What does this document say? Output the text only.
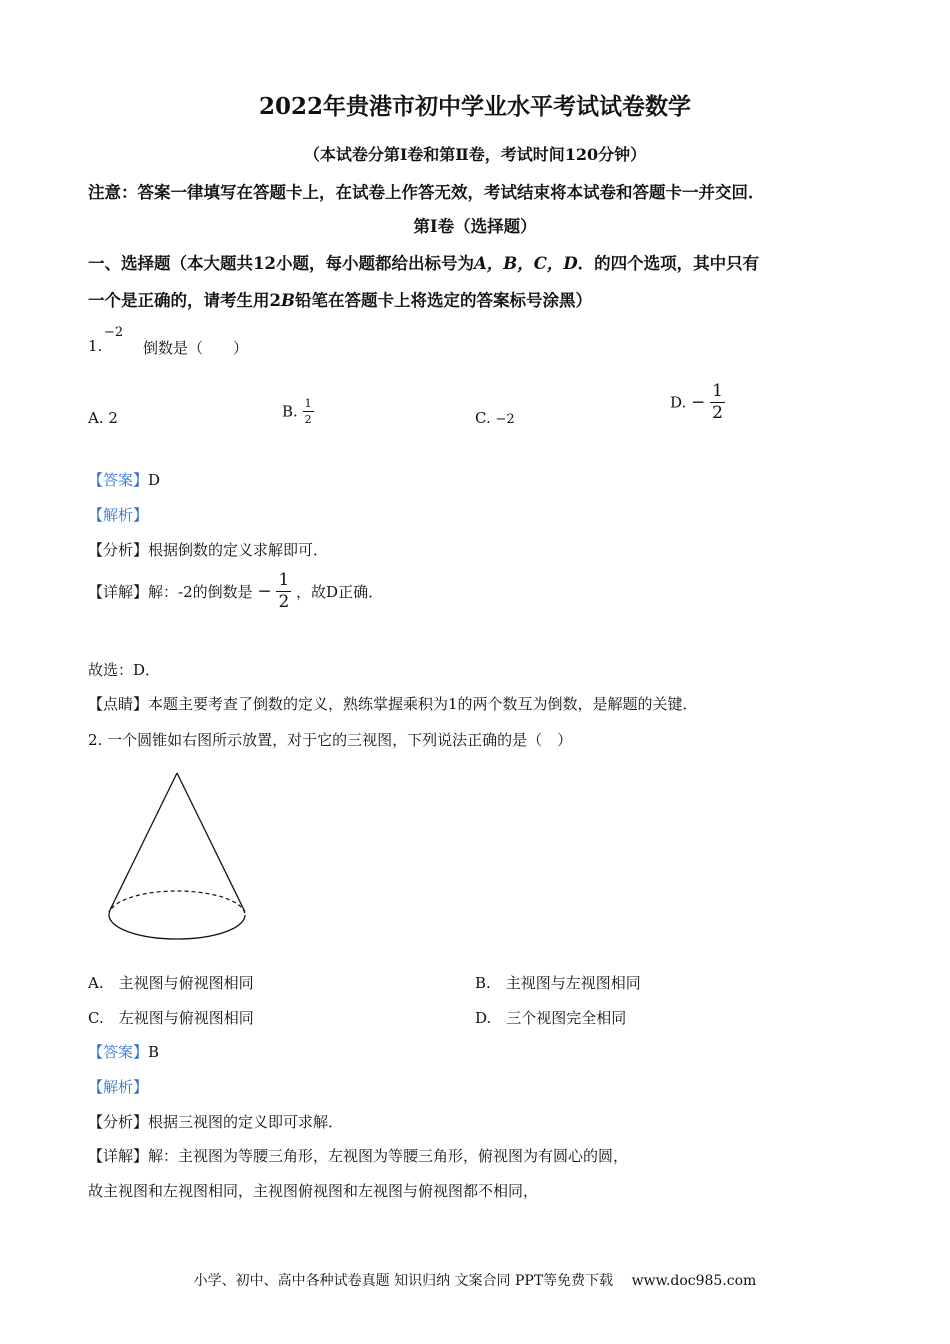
2022年贵港市初中学业水平考试试卷数学
（本试卷分第Ⅰ卷和第Ⅱ卷，考试时间120分钟）
注意：答案一律填写在答题卡上，在试卷上作答无效，考试结束将本试卷和答题卡一并交回．
第Ⅰ卷（选择题）
一、选择题（本大题共12小题，每小题都给出标号为A，B，C，D．的四个选项，其中只有
一个是正确的，请考生用2B铅笔在答题卡上将选定的答案标号涂黑）
1.
−2
倒数是（　　）
A. 2	B. $\frac{1}{2}$	C. −2
D. − $\frac{1}{2}$
【答案】D
【解析】
【分析】根据倒数的定义求解即可．
【详解】解：-2的倒数是 − $\frac{1}{2}$ ，故D正确．
故选：D．
【点睛】本题主要考查了倒数的定义，熟练掌握乘积为1的两个数互为倒数，是解题的关键．
2. 一个圆锥如右图所示放置，对于它的三视图，下列说法正确的是（　）
A.　主视图与俯视图相同	B.　主视图与左视图相同
C.　左视图与俯视图相同	D.　三个视图完全相同
【答案】B
【解析】
【分析】根据三视图的定义即可求解．
【详解】解：主视图为等腰三角形，左视图为等腰三角形，俯视图为有圆心的圆，
故主视图和左视图相同，主视图俯视图和左视图与俯视图都不相同，
小学、初中、高中各种试卷真题 知识归纳 文案合同 PPT等免费下载　 www.doc985.com
